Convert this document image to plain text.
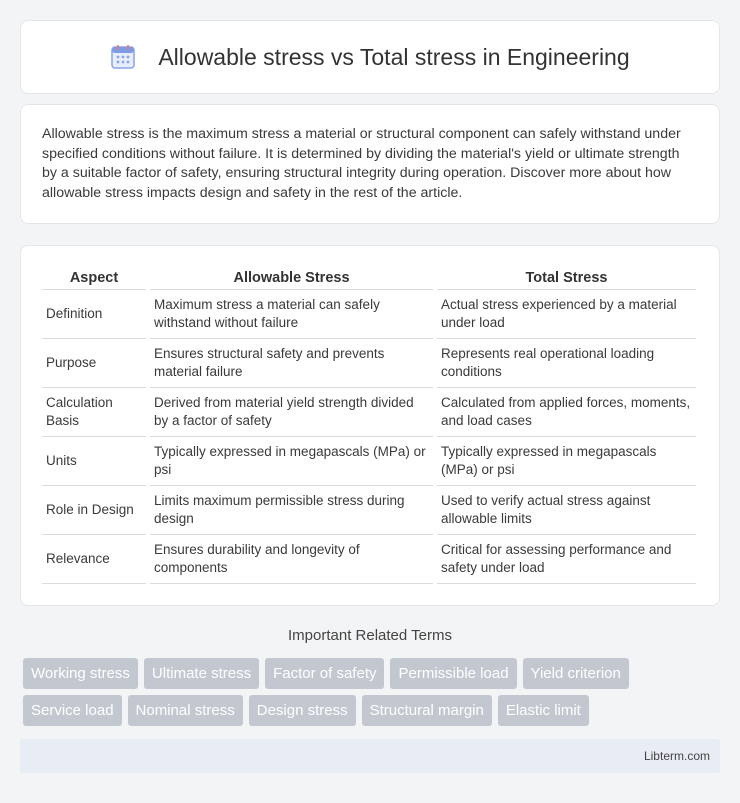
Allowable stress vs Total stress in Engineering

Allowable stress is the maximum stress a material or structural component can safely withstand under specified conditions without failure. It is determined by dividing the material's yield or ultimate strength by a suitable factor of safety, ensuring structural integrity during operation. Discover more about how allowable stress impacts design and safety in the rest of the article.

Aspect	Allowable Stress	Total Stress
Definition	Maximum stress a material can safely withstand without failure	Actual stress experienced by a material under load
Purpose	Ensures structural safety and prevents material failure	Represents real operational loading conditions
Calculation Basis	Derived from material yield strength divided by a factor of safety	Calculated from applied forces, moments, and load cases
Units	Typically expressed in megapascals (MPa) or psi	Typically expressed in megapascals (MPa) or psi
Role in Design	Limits maximum permissible stress during design	Used to verify actual stress against allowable limits
Relevance	Ensures durability and longevity of components	Critical for assessing performance and safety under load
Important Related Terms
Working stress	Ultimate stress	Factor of safety	Permissible load	Yield criterion
Service load	Nominal stress	Design stress	Structural margin	Elastic limit
Libterm.com
